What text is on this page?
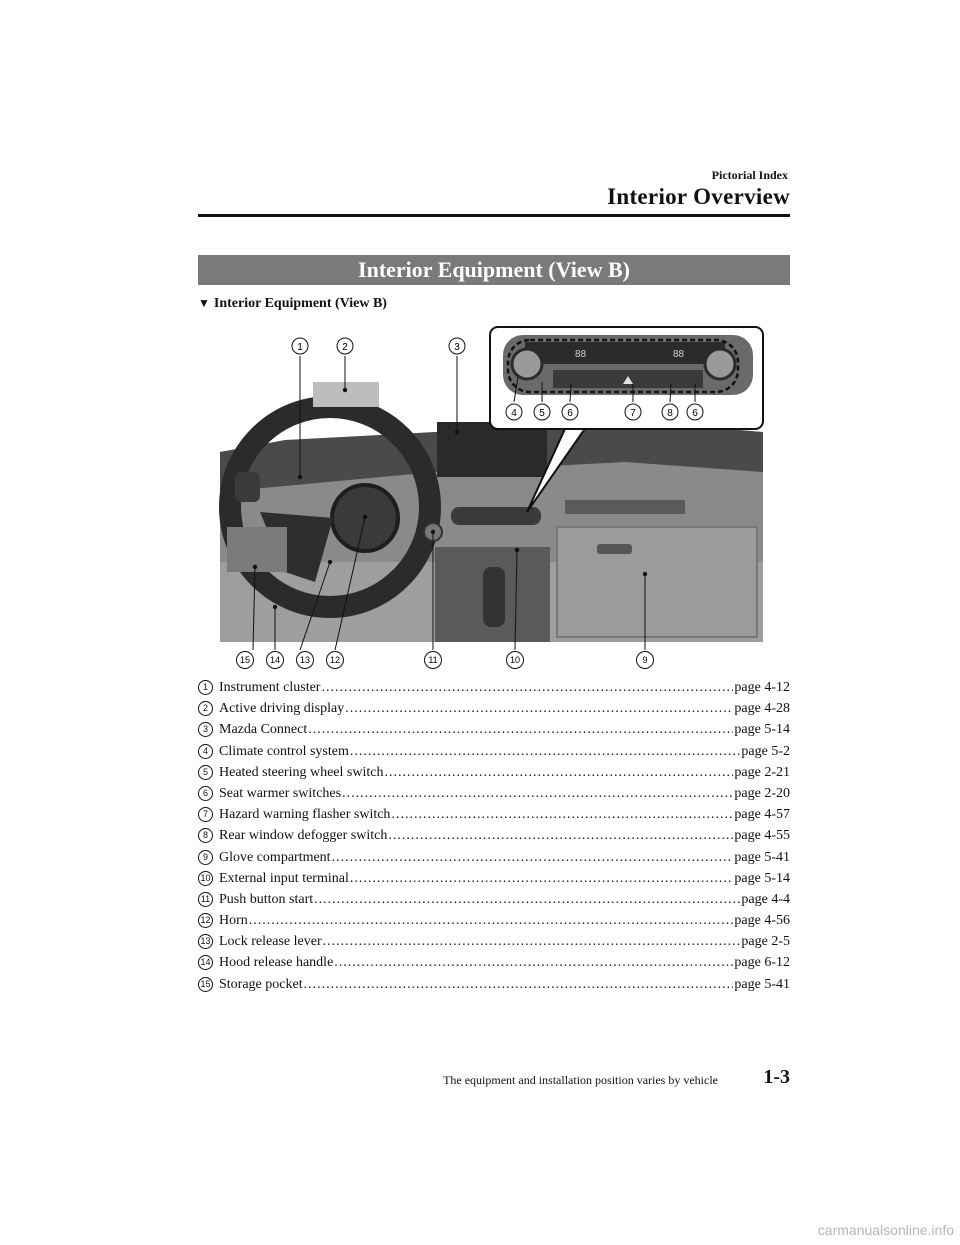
Pictorial Index
Interior Overview
Interior Equipment (View B)
▼ Interior Equipment (View B)
88	88
1	2	3
4 5 6	7	8 6
15 14 13 12	11	10	9
1 Instrument cluster .....	page 4-12
2 Active driving display .....	page 4-28
3 Mazda Connect .....	page 5-14
4 Climate control system .....	page 5-2
5 Heated steering wheel switch .....	page 2-21
6 Seat warmer switches .....	page 2-20
7 Hazard warning flasher switch .....	page 4-57
8 Rear window defogger switch .....	page 4-55
9 Glove compartment .....	page 5-41
10 External input terminal .....	page 5-14
11 Push button start .....	page 4-4
12 Horn .....	page 4-56
13 Lock release lever .....	page 2-5
14 Hood release handle .....	page 6-12
15 Storage pocket .....	page 5-41
The equipment and installation position varies by vehicle 1-3
carmanualsonline.info
